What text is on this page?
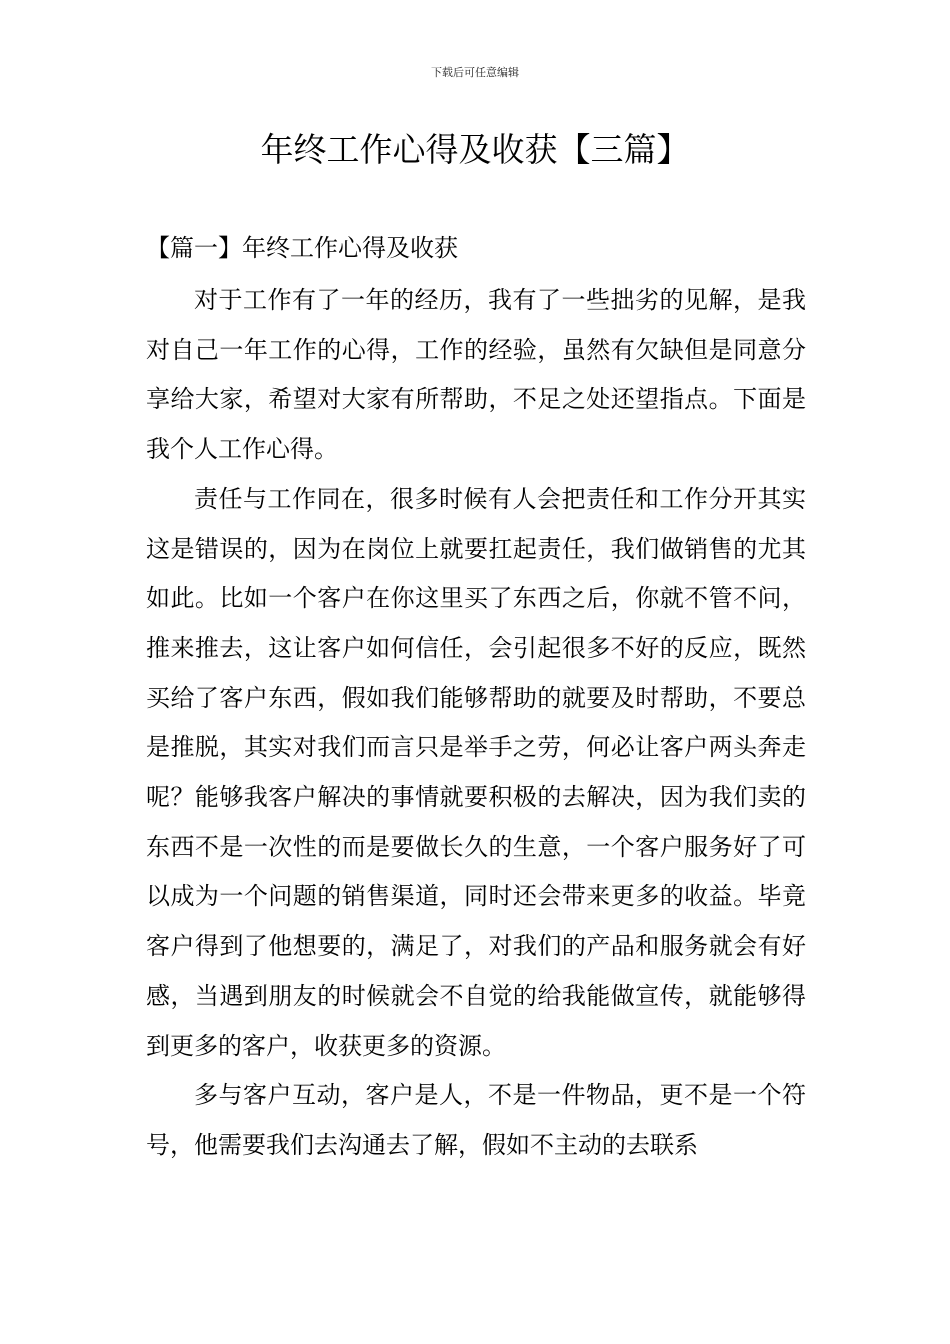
下载后可任意编辑
年终工作心得及收获【三篇】
【篇一】年终工作心得及收获

对于工作有了一年的经历，我有了一些拙劣的见解，是我对自己一年工作的心得，工作的经验，虽然有欠缺但是同意分享给大家，希望对大家有所帮助，不足之处还望指点。下面是我个人工作心得。

责任与工作同在，很多时候有人会把责任和工作分开其实这是错误的，因为在岗位上就要扛起责任，我们做销售的尤其如此。比如一个客户在你这里买了东西之后，你就不管不问，推来推去，这让客户如何信任，会引起很多不好的反应，既然买给了客户东西，假如我们能够帮助的就要及时帮助，不要总是推脱，其实对我们而言只是举手之劳，何必让客户两头奔走呢？能够我客户解决的事情就要积极的去解决，因为我们卖的东西不是一次性的而是要做长久的生意，一个客户服务好了可以成为一个问题的销售渠道，同时还会带来更多的收益。毕竟客户得到了他想要的，满足了，对我们的产品和服务就会有好感，当遇到朋友的时候就会不自觉的给我能做宣传，就能够得到更多的客户，收获更多的资源。

多与客户互动，客户是人，不是一件物品，更不是一个符号，他需要我们去沟通去了解，假如不主动的去联系
